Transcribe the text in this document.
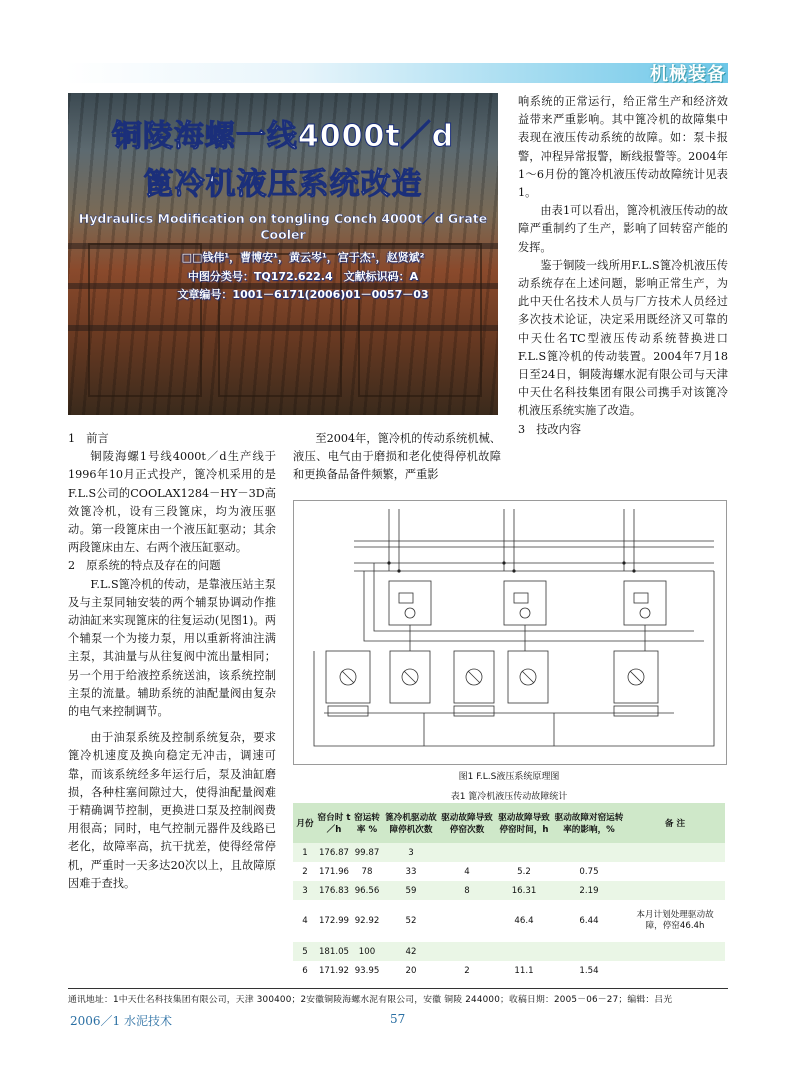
机械装备
铜陵海螺一线4000t／d
篦冷机液压系统改造
Hydraulics Modification on tongling Conch 4000t／d Grate Cooler
□□钱伟¹，曹博安¹，黄云岑¹，宫于杰¹，赵贤斌²
中图分类号：TQ172.622.4　文献标识码：A
文章编号：1001－6171(2006)01－0057－03

1　前言

铜陵海螺1号线4000t／d生产线于1996年10月正式投产，篦冷机采用的是F.L.S公司的COOLAX1284－HY－3D高效篦冷机，设有三段篦床，均为液压驱动。第一段篦床由一个液压缸驱动；其余两段篦床由左、右两个液压缸驱动。

2　原系统的特点及存在的问题

F.L.S篦冷机的传动，是靠液压站主泵及与主泵同轴安装的两个辅泵协调动作推动油缸来实现篦床的往复运动(见图1)。两个辅泵一个为接力泵，用以重新将油注满主泵，其油量与从往复阀中流出量相同；另一个用于给液控系统送油，该系统控制主泵的流量。辅助系统的油配量阀由复杂的电气来控制调节。

由于油泵系统及控制系统复杂，要求篦冷机速度及换向稳定无冲击，调速可靠，而该系统经多年运行后，泵及油缸磨损，各种柱塞间隙过大，使得油配量阀难于精确调节控制，更换进口泵及控制阀费用很高；同时，电气控制元器件及线路已老化，故障率高，抗干扰差，使得经常停机，严重时一天多达20次以上，且故障原因难于查找。

至2004年，篦冷机的传动系统机械、液压、电气由于磨损和老化使得停机故障和更换备品备件频繁，严重影

响系统的正常运行，给正常生产和经济效益带来严重影响。其中篦冷机的故障集中表现在液压传动系统的故障。如：泵卡报警，冲程异常报警，断线报警等。2004年1～6月份的篦冷机液压传动故障统计见表1。

由表1可以看出，篦冷机液压传动的故障严重制约了生产，影响了回转窑产能的发挥。

鉴于铜陵一线所用F.L.S篦冷机液压传动系统存在上述问题，影响正常生产，为此中天仕名技术人员与厂方技术人员经过多次技术论证，决定采用既经济又可靠的中天仕名TC型液压传动系统替换进口F.L.S篦冷机的传动装置。2004年7月18日至24日，铜陵海螺水泥有限公司与天津中天仕名科技集团有限公司携手对该篦冷机液压系统实施了改造。

3　技改内容

图1 F.L.S液压系统原理图
表1 篦冷机液压传动故障统计
月份	窑台时 t／h	窑运转率 %	篦冷机驱动故障停机次数	驱动故障导致停窑次数	驱动故障导致停窑时间，h	驱动故障对窑运转率的影响，%	备 注
1	176.87	99.87	3				
2	171.96	78	33	4	5.2	0.75	
3	176.83	96.56	59	8	16.31	2.19	
4	172.99	92.92	52		46.4	6.44	本月计划处理驱动故障，停窑46.4h
5	181.05	100	42				
6	171.92	93.95	20	2	11.1	1.54	
通讯地址：1中天仕名科技集团有限公司，天津 300400；2安徽铜陵海螺水泥有限公司，安徽 铜陵 244000；收稿日期：2005－06－27；编辑：吕光
2006／1 水泥技术	57
